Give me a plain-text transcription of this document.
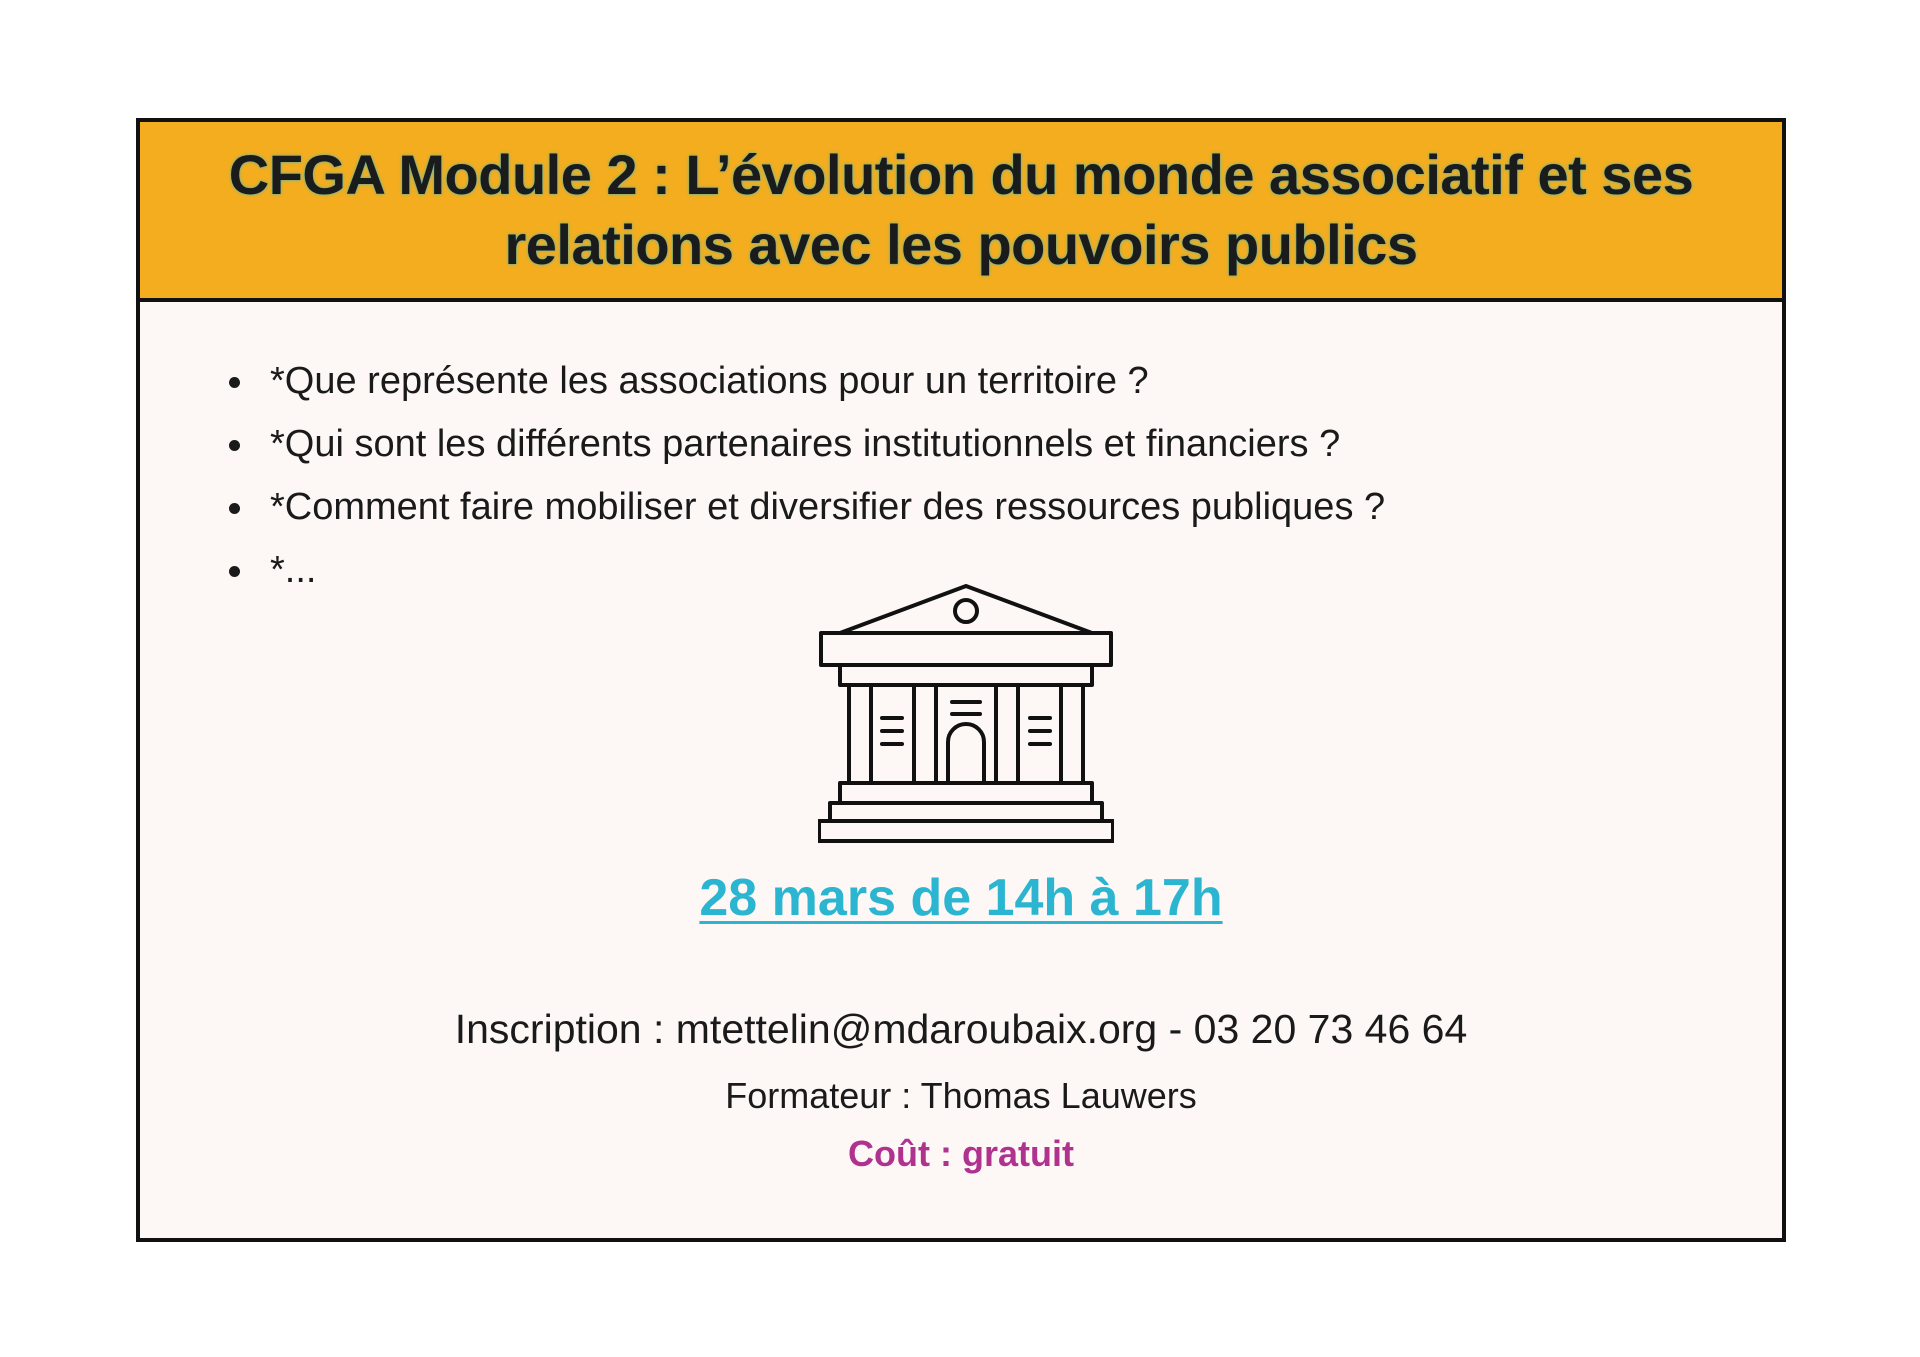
CFGA Module 2 : L’évolution du monde associatif et ses
relations avec les pouvoirs publics
*Que représente les associations pour un territoire ?
*Qui sont les différents partenaires institutionnels et financiers ?
*Comment faire mobiliser et diversifier des ressources publiques ?
*...
28 mars de 14h à 17h
Inscription : mtettelin@mdaroubaix.org - 03 20 73 46 64
Formateur : Thomas Lauwers
Coût : gratuit
